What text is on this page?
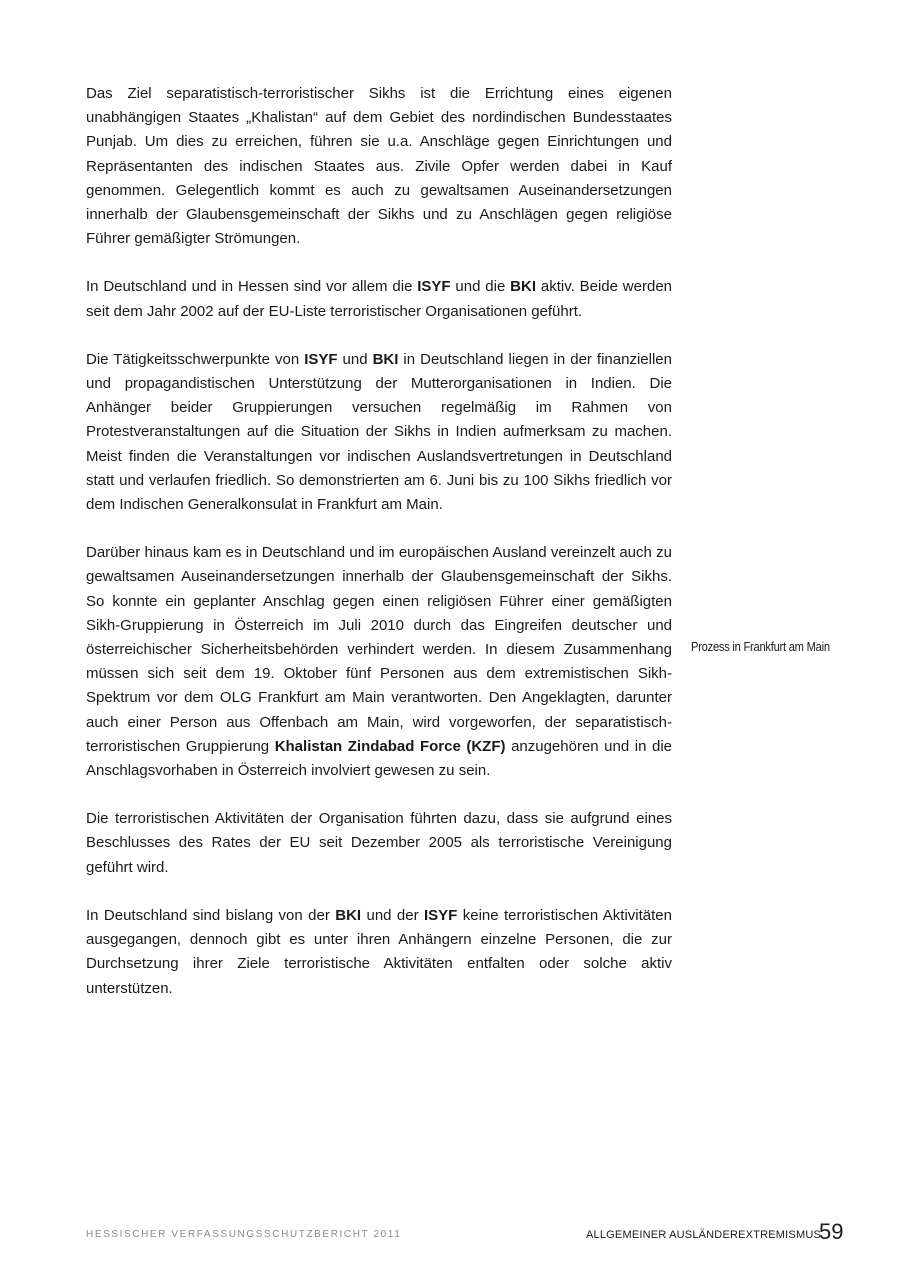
Das Ziel separatistisch-terroristischer Sikhs ist die Errichtung eines eigenen unabhängigen Staates „Khalistan“ auf dem Gebiet des nordindischen Bundesstaates Punjab. Um dies zu erreichen, führen sie u.a. Anschläge gegen Einrichtungen und Repräsentanten des indischen Staates aus. Zivile Opfer werden dabei in Kauf genommen. Gelegentlich kommt es auch zu gewaltsamen Auseinandersetzungen innerhalb der Glaubensgemeinschaft der Sikhs und zu Anschlägen gegen religiöse Führer gemäßigter Strömungen.

In Deutschland und in Hessen sind vor allem die ISYF und die BKI aktiv. Beide werden seit dem Jahr 2002 auf der EU-Liste terroristischer Organisationen geführt.

Die Tätigkeitsschwerpunkte von ISYF und BKI in Deutschland liegen in der finanziellen und propagandistischen Unterstützung der Mutterorganisationen in Indien. Die Anhänger beider Gruppierungen versuchen regelmäßig im Rahmen von Protestveranstaltungen auf die Situation der Sikhs in Indien aufmerksam zu machen. Meist finden die Veranstaltungen vor indischen Auslandsvertretungen in Deutschland statt und verlaufen friedlich. So demonstrierten am 6. Juni bis zu 100 Sikhs friedlich vor dem Indischen Generalkonsulat in Frankfurt am Main.

Darüber hinaus kam es in Deutschland und im europäischen Ausland vereinzelt auch zu gewaltsamen Auseinandersetzungen innerhalb der Glaubensgemeinschaft der Sikhs. So konnte ein geplanter Anschlag gegen einen religiösen Führer einer gemäßigten Sikh-Gruppierung in Österreich im Juli 2010 durch das Eingreifen deutscher und österreichischer Sicherheitsbehörden verhindert werden. In diesem Zusammenhang müssen sich seit dem 19. Oktober fünf Personen aus dem extremistischen Sikh-Spektrum vor dem OLG Frankfurt am Main verantworten. Den Angeklagten, darunter auch einer Person aus Offenbach am Main, wird vorgeworfen, der separatistisch-terroristischen Gruppierung Khalistan Zindabad Force (KZF) anzugehören und in die Anschlagsvorhaben in Österreich involviert gewesen zu sein.

Die terroristischen Aktivitäten der Organisation führten dazu, dass sie aufgrund eines Beschlusses des Rates der EU seit Dezember 2005 als terroristische Vereinigung geführt wird.

In Deutschland sind bislang von der BKI und der ISYF keine terroristischen Aktivitäten ausgegangen, dennoch gibt es unter ihren Anhängern einzelne Personen, die zur Durchsetzung ihrer Ziele terroristische Aktivitäten entfalten oder solche aktiv unterstützen.

Prozess in Frankfurt am Main
HESSISCHER VERFASSUNGSSCHUTZBERICHT 2011	ALLGEMEINER AUSLÄNDEREXTREMISMUS
59
